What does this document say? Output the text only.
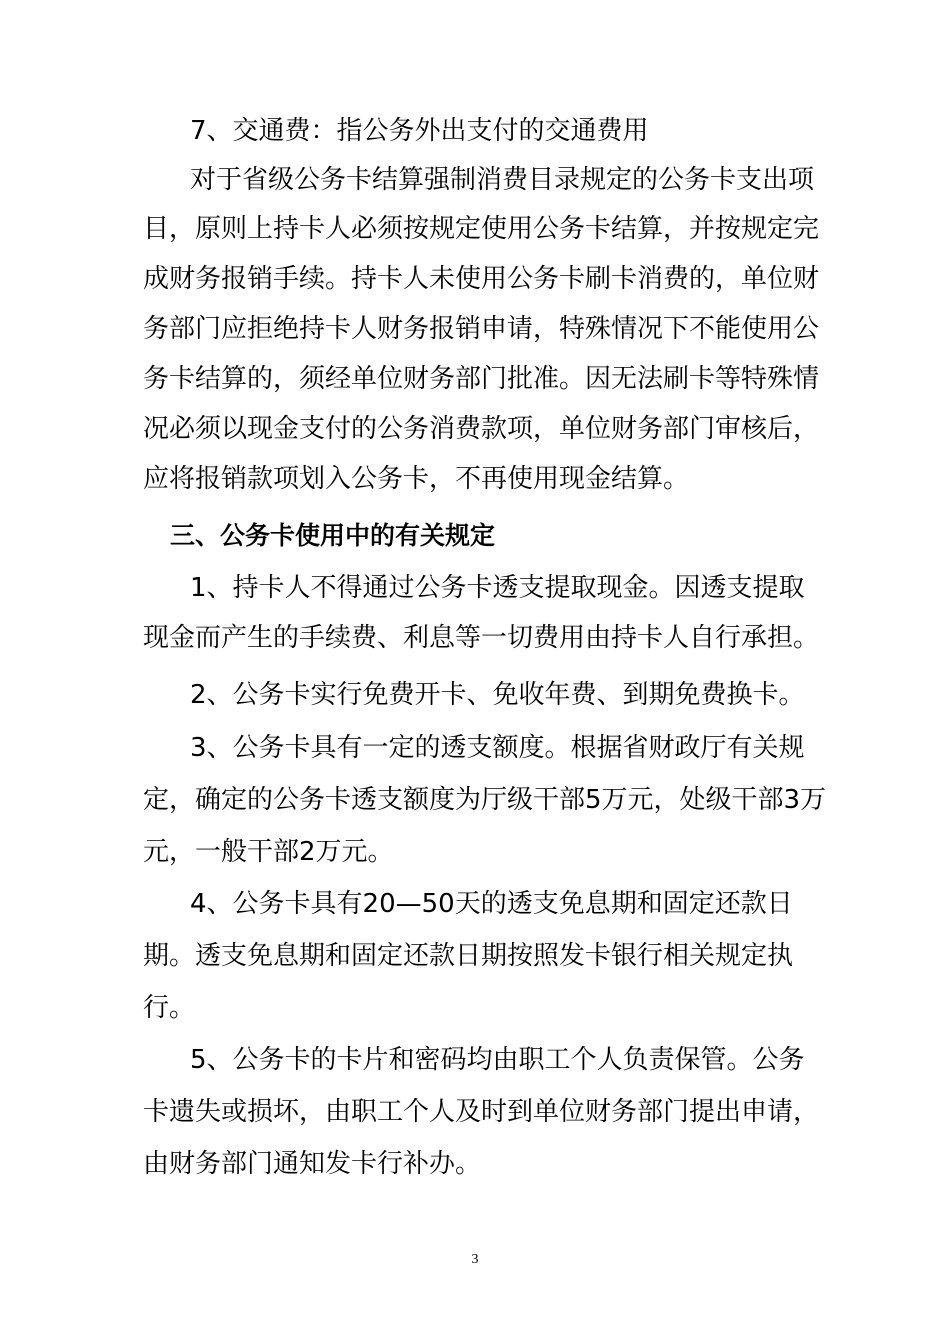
7、交通费：指公务外出支付的交通费用
对于省级公务卡结算强制消费目录规定的公务卡支出项
目，原则上持卡人必须按规定使用公务卡结算，并按规定完
成财务报销手续。持卡人未使用公务卡刷卡消费的，单位财
务部门应拒绝持卡人财务报销申请，特殊情况下不能使用公
务卡结算的，须经单位财务部门批准。因无法刷卡等特殊情
况必须以现金支付的公务消费款项，单位财务部门审核后，
应将报销款项划入公务卡，不再使用现金结算。
三、公务卡使用中的有关规定
1、持卡人不得通过公务卡透支提取现金。因透支提取
现金而产生的手续费、利息等一切费用由持卡人自行承担。
2、公务卡实行免费开卡、免收年费、到期免费换卡。
3、公务卡具有一定的透支额度。根据省财政厅有关规
定，确定的公务卡透支额度为厅级干部5万元，处级干部3万
元，一般干部2万元。
4、公务卡具有20—50天的透支免息期和固定还款日
期。透支免息期和固定还款日期按照发卡银行相关规定执
行。
5、公务卡的卡片和密码均由职工个人负责保管。公务
卡遗失或损坏，由职工个人及时到单位财务部门提出申请，
由财务部门通知发卡行补办。
3
